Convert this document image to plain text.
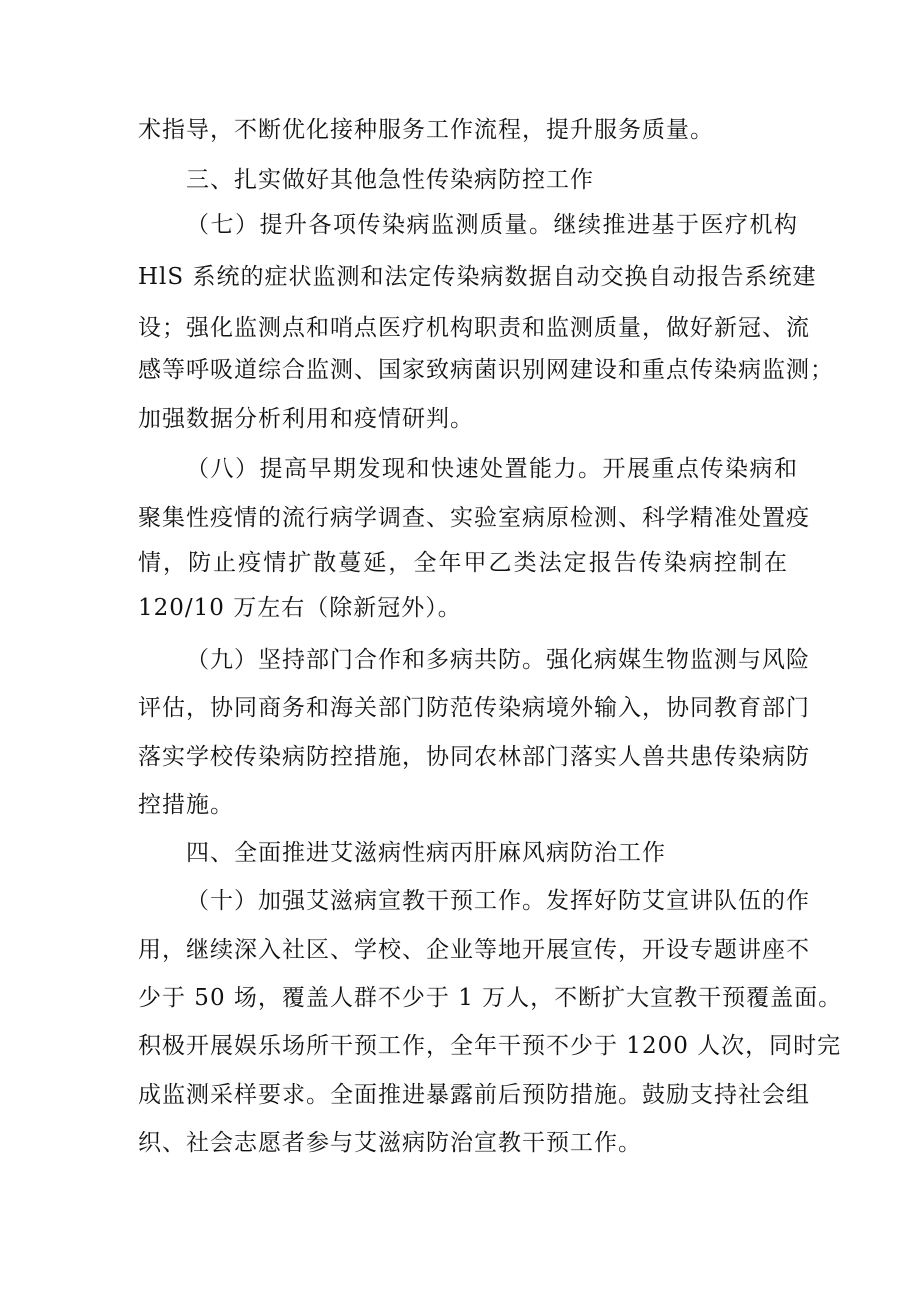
术指导，不断优化接种服务工作流程，提升服务质量。

三、扎实做好其他急性传染病防控工作

（七）提升各项传染病监测质量。继续推进基于医疗机构

HlS 系统的症状监测和法定传染病数据自动交换自动报告系统建

设；强化监测点和哨点医疗机构职责和监测质量，做好新冠、流

感等呼吸道综合监测、国家致病菌识别网建设和重点传染病监测；

加强数据分析利用和疫情研判。

（八）提高早期发现和快速处置能力。开展重点传染病和

聚集性疫情的流行病学调查、实验室病原检测、科学精准处置疫

情，防止疫情扩散蔓延，全年甲乙类法定报告传染病控制在

120/10 万左右（除新冠外）。

（九）坚持部门合作和多病共防。强化病媒生物监测与风险

评估，协同商务和海关部门防范传染病境外输入，协同教育部门

落实学校传染病防控措施，协同农林部门落实人兽共患传染病防

控措施。

四、全面推进艾滋病性病丙肝麻风病防治工作

（十）加强艾滋病宣教干预工作。发挥好防艾宣讲队伍的作

用，继续深入社区、学校、企业等地开展宣传，开设专题讲座不

少于 50 场，覆盖人群不少于 1 万人，不断扩大宣教干预覆盖面。

积极开展娱乐场所干预工作，全年干预不少于 1200 人次，同时完

成监测采样要求。全面推进暴露前后预防措施。鼓励支持社会组

织、社会志愿者参与艾滋病防治宣教干预工作。
